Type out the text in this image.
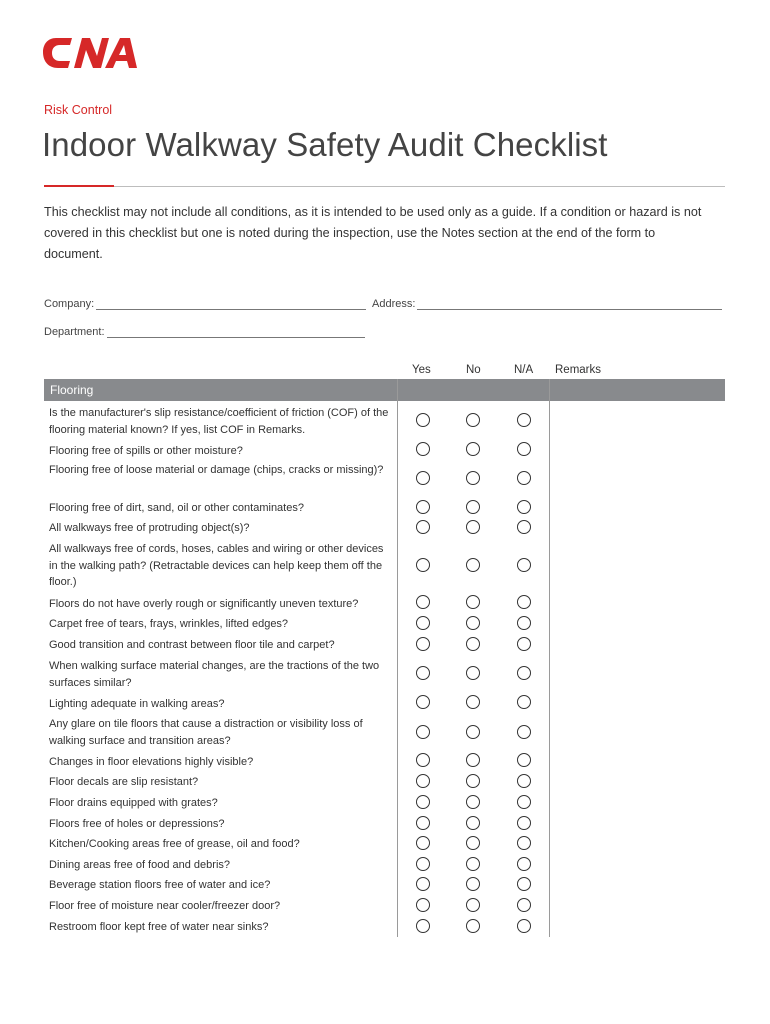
Risk Control
Indoor Walkway Safety Audit Checklist

This checklist may not include all conditions, as it is intended to be used only as a guide. If a condition or hazard is not covered in this checklist but one is noted during the inspection, use the Notes section at the end of the form to document.

Company:	Address:
Department:
Yes	No	N/A Remarks
Flooring
Is the manufacturer's slip resistance/coefficient of friction (COF) of the flooring material known? If yes, list COF in Remarks.
Flooring free of spills or other moisture?
Flooring free of loose material or damage (chips, cracks or missing)?
Flooring free of dirt, sand, oil or other contaminates?
All walkways free of protruding object(s)?
All walkways free of cords, hoses, cables and wiring or other devices in the walking path? (Retractable devices can help keep them off the floor.)
Floors do not have overly rough or significantly uneven texture?
Carpet free of tears, frays, wrinkles, lifted edges?
Good transition and contrast between floor tile and carpet?
When walking surface material changes, are the tractions of the two surfaces similar?
Lighting adequate in walking areas?
Any glare on tile floors that cause a distraction or visibility loss of walking surface and transition areas?
Changes in floor elevations highly visible?
Floor decals are slip resistant?
Floor drains equipped with grates?
Floors free of holes or depressions?
Kitchen/Cooking areas free of grease, oil and food?
Dining areas free of food and debris?
Beverage station floors free of water and ice?
Floor free of moisture near cooler/freezer door?
Restroom floor kept free of water near sinks?
